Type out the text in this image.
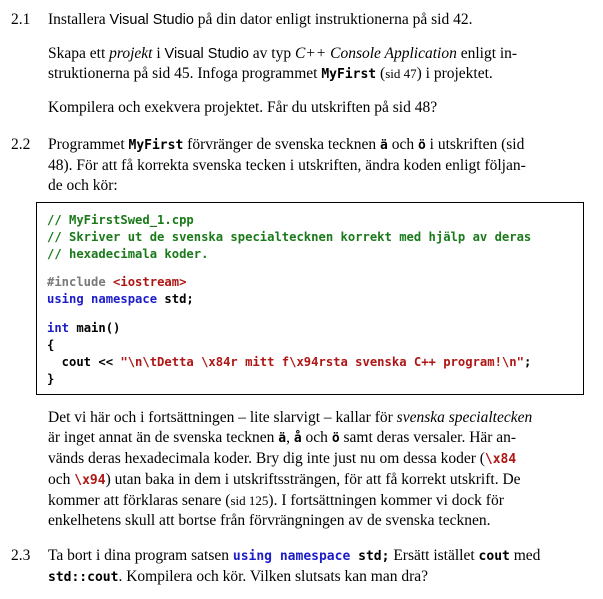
2.1 Installera Visual Studio på din dator enligt instruktionerna på sid 42.

Skapa ett projekt i Visual Studio av typ C++ Console Application enligt in-
struktionerna på sid 45. Infoga programmet MyFirst (sid 47) i projektet.

Kompilera och exekvera projektet. Får du utskriften på sid 48?

2.2 Programmet MyFirst förvränger de svenska tecknen ä och ö i utskriften (sid
48). För att få korrekta svenska tecken i utskriften, ändra koden enligt följan-
de och kör:

// MyFirstSwed_1.cpp
// Skriver ut de svenska specialtecknen korrekt med hjälp av deras
// hexadecimala koder.
#include <iostream>
using namespace std;
int main()
{
cout << "\n\tDetta \x84r mitt f\x94rsta svenska C++ program!\n";
}

Det vi här och i fortsättningen – lite slarvigt – kallar för svenska specialtecken
är inget annat än de svenska tecknen ä, å och ö samt deras versaler. Här an-
vänds deras hexadecimala koder. Bry dig inte just nu om dessa koder (\x84
och \x94) utan baka in dem i utskriftssträngen, för att få korrekt utskrift. De
kommer att förklaras senare (sid 125). I fortsättningen kommer vi dock för
enkelhetens skull att bortse från förvrängningen av de svenska tecknen.

2.3 Ta bort i dina program satsen using namespace std; Ersätt istället cout med
std::cout. Kompilera och kör. Vilken slutsats kan man dra?
